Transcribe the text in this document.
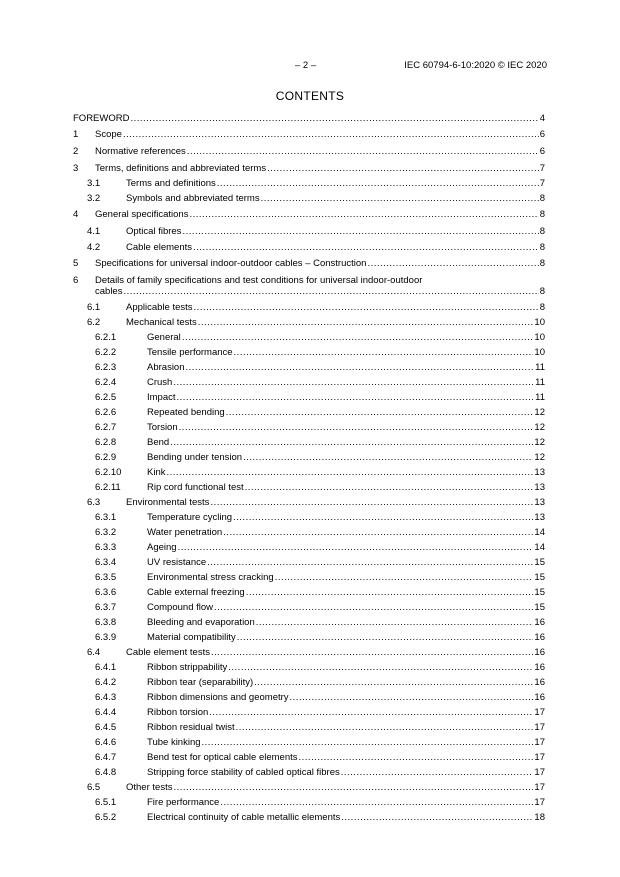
– 2 –	IEC 60794-6-10:2020 © IEC 2020
CONTENTS
FOREWORD .....	4
1 Scope .....	6
2 Normative references .....	6
3 Terms, definitions and abbreviated terms .....	7
3.1	Terms and definitions .....	7
3.2	Symbols and abbreviated terms .....	8
4 General specifications .....	8
4.1	Optical fibres .....	8
4.2	Cable elements .....	8
5 Specifications for universal indoor-outdoor cables – Construction .....	8
6	Details of family specifications and test conditions for universal indoor-outdoor
cables .....	8
6.1	Applicable tests .....	8
6.2	Mechanical tests .....	10
6.2.1	General .....	10
6.2.2	Tensile performance .....	10
6.2.3	Abrasion .....	11
6.2.4	Crush .....	11
6.2.5	Impact .....	11
6.2.6	Repeated bending .....	12
6.2.7	Torsion .....	12
6.2.8	Bend .....	12
6.2.9	Bending under tension .....	12
6.2.10	Kink .....	13
6.2.11	Rip cord functional test .....	13
6.3	Environmental tests .....	13
6.3.1	Temperature cycling .....	13
6.3.2	Water penetration .....	14
6.3.3	Ageing .....	14
6.3.4	UV resistance .....	15
6.3.5	Environmental stress cracking .....	15
6.3.6	Cable external freezing .....	15
6.3.7	Compound flow .....	15
6.3.8	Bleeding and evaporation .....	16
6.3.9	Material compatibility .....	16
6.4	Cable element tests .....	16
6.4.1	Ribbon strippability .....	16
6.4.2	Ribbon tear (separability) .....	16
6.4.3	Ribbon dimensions and geometry .....	16
6.4.4	Ribbon torsion .....	17
6.4.5	Ribbon residual twist .....	17
6.4.6	Tube kinking .....	17
6.4.7	Bend test for optical cable elements .....	17
6.4.8	Stripping force stability of cabled optical fibres .....	17
6.5	Other tests .....	17
6.5.1	Fire performance .....	17
6.5.2	Electrical continuity of cable metallic elements .....	18
